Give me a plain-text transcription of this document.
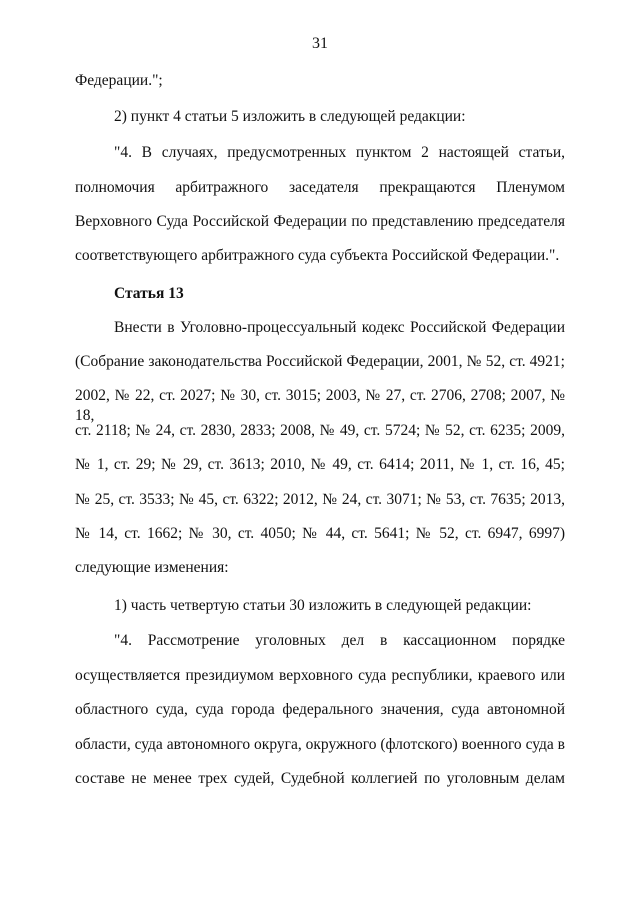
31
Федерации.";
2) пункт 4 статьи 5 изложить в следующей редакции:
"4. В случаях, предусмотренных пунктом 2 настоящей статьи,
полномочия арбитражного заседателя прекращаются Пленумом
Верховного Суда Российской Федерации по представлению председателя
соответствующего арбитражного суда субъекта Российской Федерации.".
Статья 13
Внести в Уголовно-процессуальный кодекс Российской Федерации
(Собрание законодательства Российской Федерации, 2001, № 52, ст. 4921;
2002, № 22, ст. 2027; № 30, ст. 3015; 2003, № 27, ст. 2706, 2708; 2007, № 18,
ст. 2118; № 24, ст. 2830, 2833; 2008, № 49, ст. 5724; № 52, ст. 6235; 2009,
№ 1, ст. 29; № 29, ст. 3613; 2010, № 49, ст. 6414; 2011, № 1, ст. 16, 45;
№ 25, ст. 3533; № 45, ст. 6322; 2012, № 24, ст. 3071; № 53, ст. 7635; 2013,
№ 14, ст. 1662; № 30, ст. 4050; № 44, ст. 5641; № 52, ст. 6947, 6997)
следующие изменения:
1) часть четвертую статьи 30 изложить в следующей редакции:
"4. Рассмотрение уголовных дел в кассационном порядке
осуществляется президиумом верховного суда республики, краевого или
областного суда, суда города федерального значения, суда автономной
области, суда автономного округа, окружного (флотского) военного суда в
составе не менее трех судей, Судебной коллегией по уголовным делам
